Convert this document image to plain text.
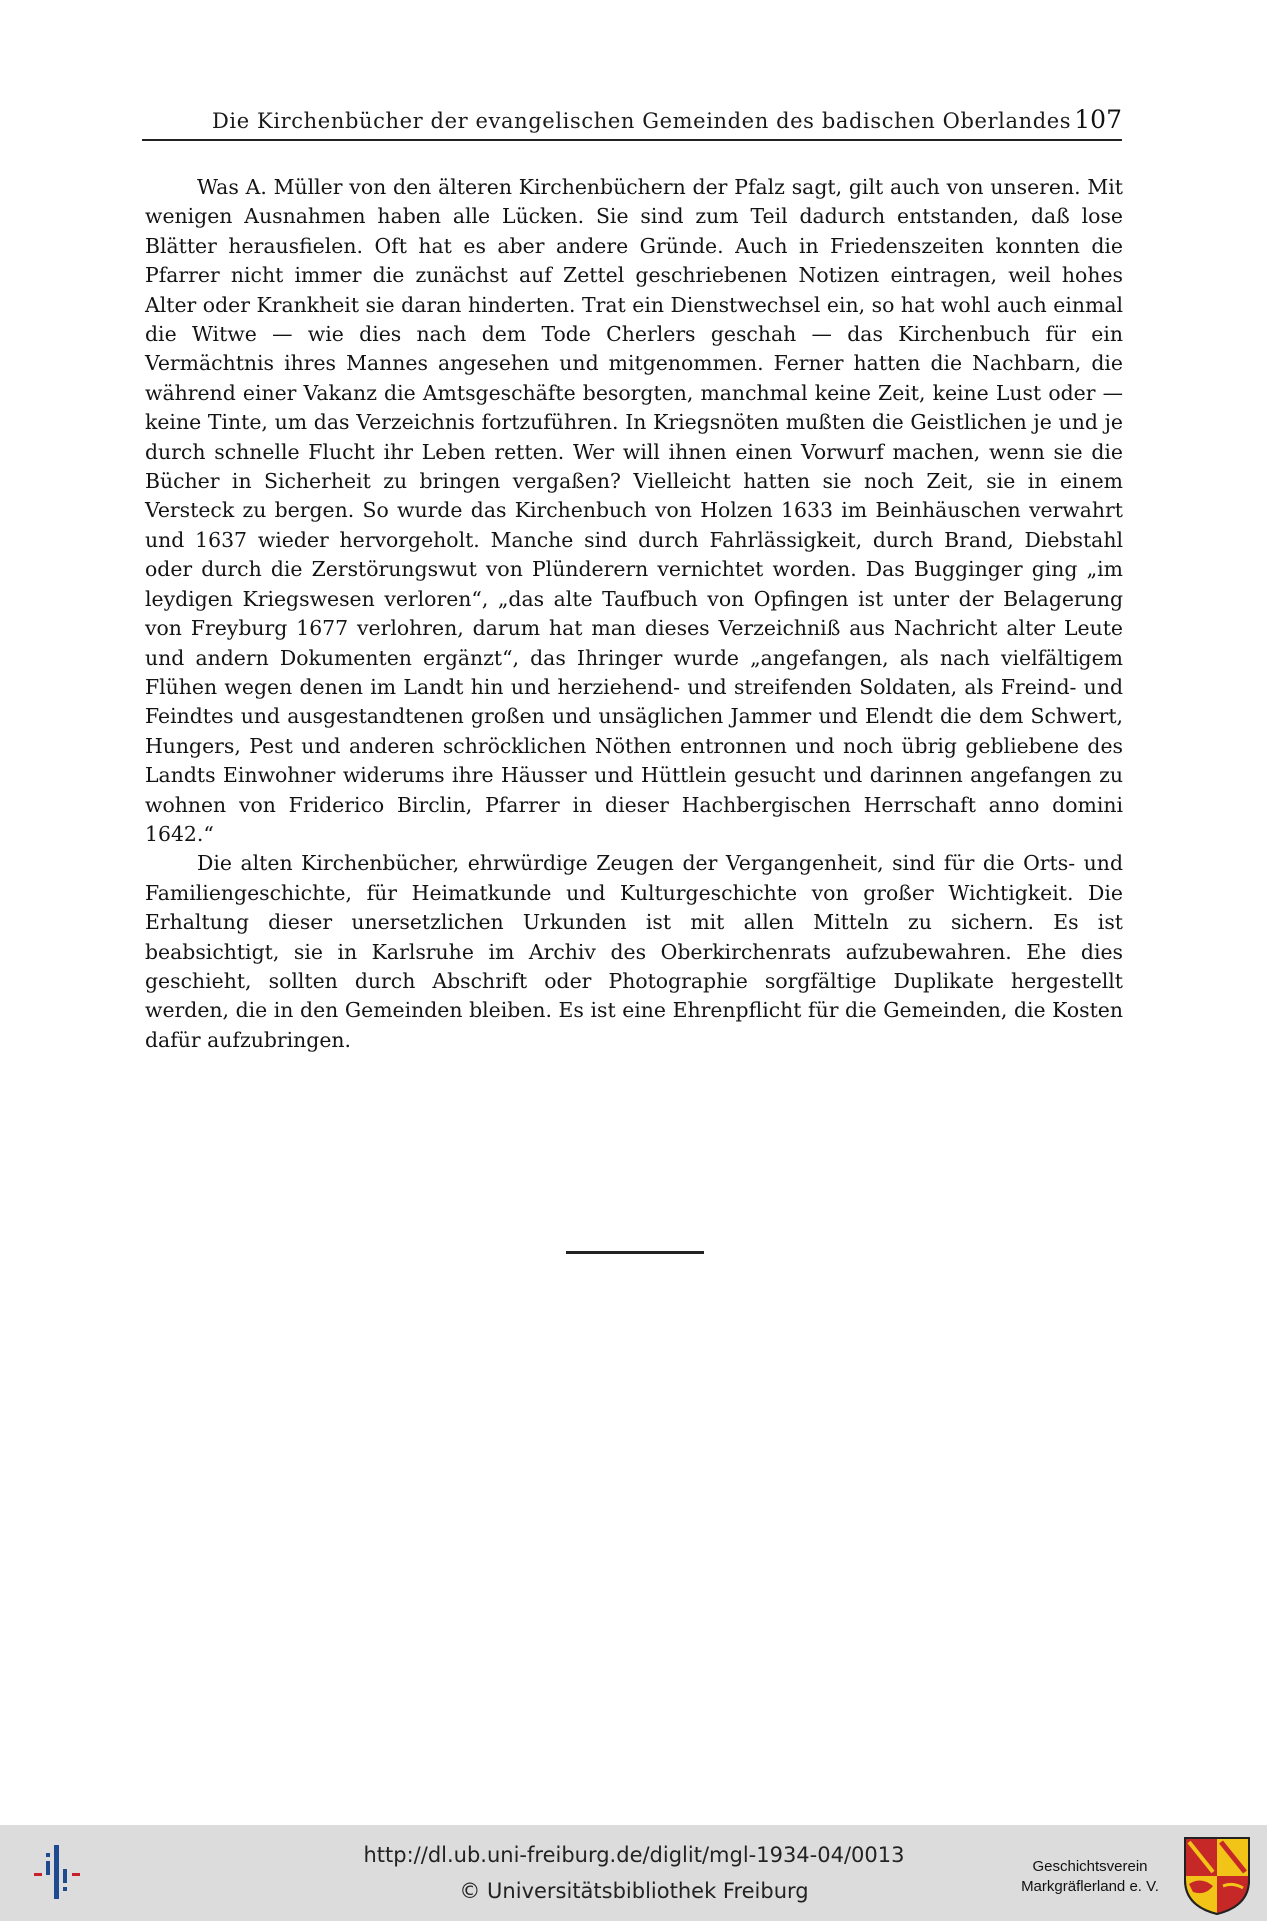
Die Kirchenbücher der evangelischen Gemeinden des badischen Oberlandes 107

Was A. Müller von den älteren Kirchenbüchern der Pfalz sagt, gilt auch von unseren. Mit wenigen Ausnahmen haben alle Lücken. Sie sind zum Teil dadurch entstanden, daß lose Blätter herausfielen. Oft hat es aber andere Gründe. Auch in Friedenszeiten konnten die Pfarrer nicht immer die zunächst auf Zettel geschriebenen Notizen eintragen, weil hohes Alter oder Krankheit sie daran hinderten. Trat ein Dienstwechsel ein, so hat wohl auch einmal die Witwe — wie dies nach dem Tode Cherlers geschah — das Kirchenbuch für ein Vermächtnis ihres Mannes angesehen und mitgenommen. Ferner hatten die Nachbarn, die während einer Vakanz die Amtsgeschäfte besorgten, manchmal keine Zeit, keine Lust oder — keine Tinte, um das Verzeichnis fortzuführen. In Kriegsnöten mußten die Geistlichen je und je durch schnelle Flucht ihr Leben retten. Wer will ihnen einen Vorwurf machen, wenn sie die Bücher in Sicherheit zu bringen vergaßen? Vielleicht hatten sie noch Zeit, sie in einem Versteck zu bergen. So wurde das Kirchenbuch von Holzen 1633 im Beinhäuschen verwahrt und 1637 wieder hervorgeholt. Manche sind durch Fahrlässigkeit, durch Brand, Diebstahl oder durch die Zerstörungswut von Plünderern vernichtet worden. Das Bugginger ging „im leydigen Kriegswesen verloren“, „das alte Taufbuch von Opfingen ist unter der Belagerung von Freyburg 1677 verlohren, darum hat man dieses Verzeichniß aus Nachricht alter Leute und andern Dokumenten ergänzt“, das Ihringer wurde „angefangen, als nach vielfältigem Flühen wegen denen im Landt hin und herziehend- und streifenden Soldaten, als Freind- und Feindtes und ausgestandtenen großen und unsäglichen Jammer und Elendt die dem Schwert, Hungers, Pest und anderen schröcklichen Nöthen entronnen und noch übrig gebliebene des Landts Einwohner widerums ihre Häusser und Hüttlein gesucht und darinnen angefangen zu wohnen von Friderico Birclin, Pfarrer in dieser Hachbergischen Herrschaft anno domini 1642.“

Die alten Kirchenbücher, ehrwürdige Zeugen der Vergangenheit, sind für die Orts- und Familiengeschichte, für Heimatkunde und Kulturgeschichte von großer Wichtigkeit. Die Erhaltung dieser unersetzlichen Urkunden ist mit allen Mitteln zu sichern. Es ist beabsichtigt, sie in Karlsruhe im Archiv des Oberkirchenrats aufzubewahren. Ehe dies geschieht, sollten durch Abschrift oder Photographie sorgfältige Duplikate hergestellt werden, die in den Gemeinden bleiben. Es ist eine Ehrenpflicht für die Gemeinden, die Kosten dafür aufzubringen.

http://dl.ub.uni-freiburg.de/diglit/mgl-1934-04/0013
© Universitätsbibliothek Freiburg
Geschichtsverein
Markgräflerland e. V.
